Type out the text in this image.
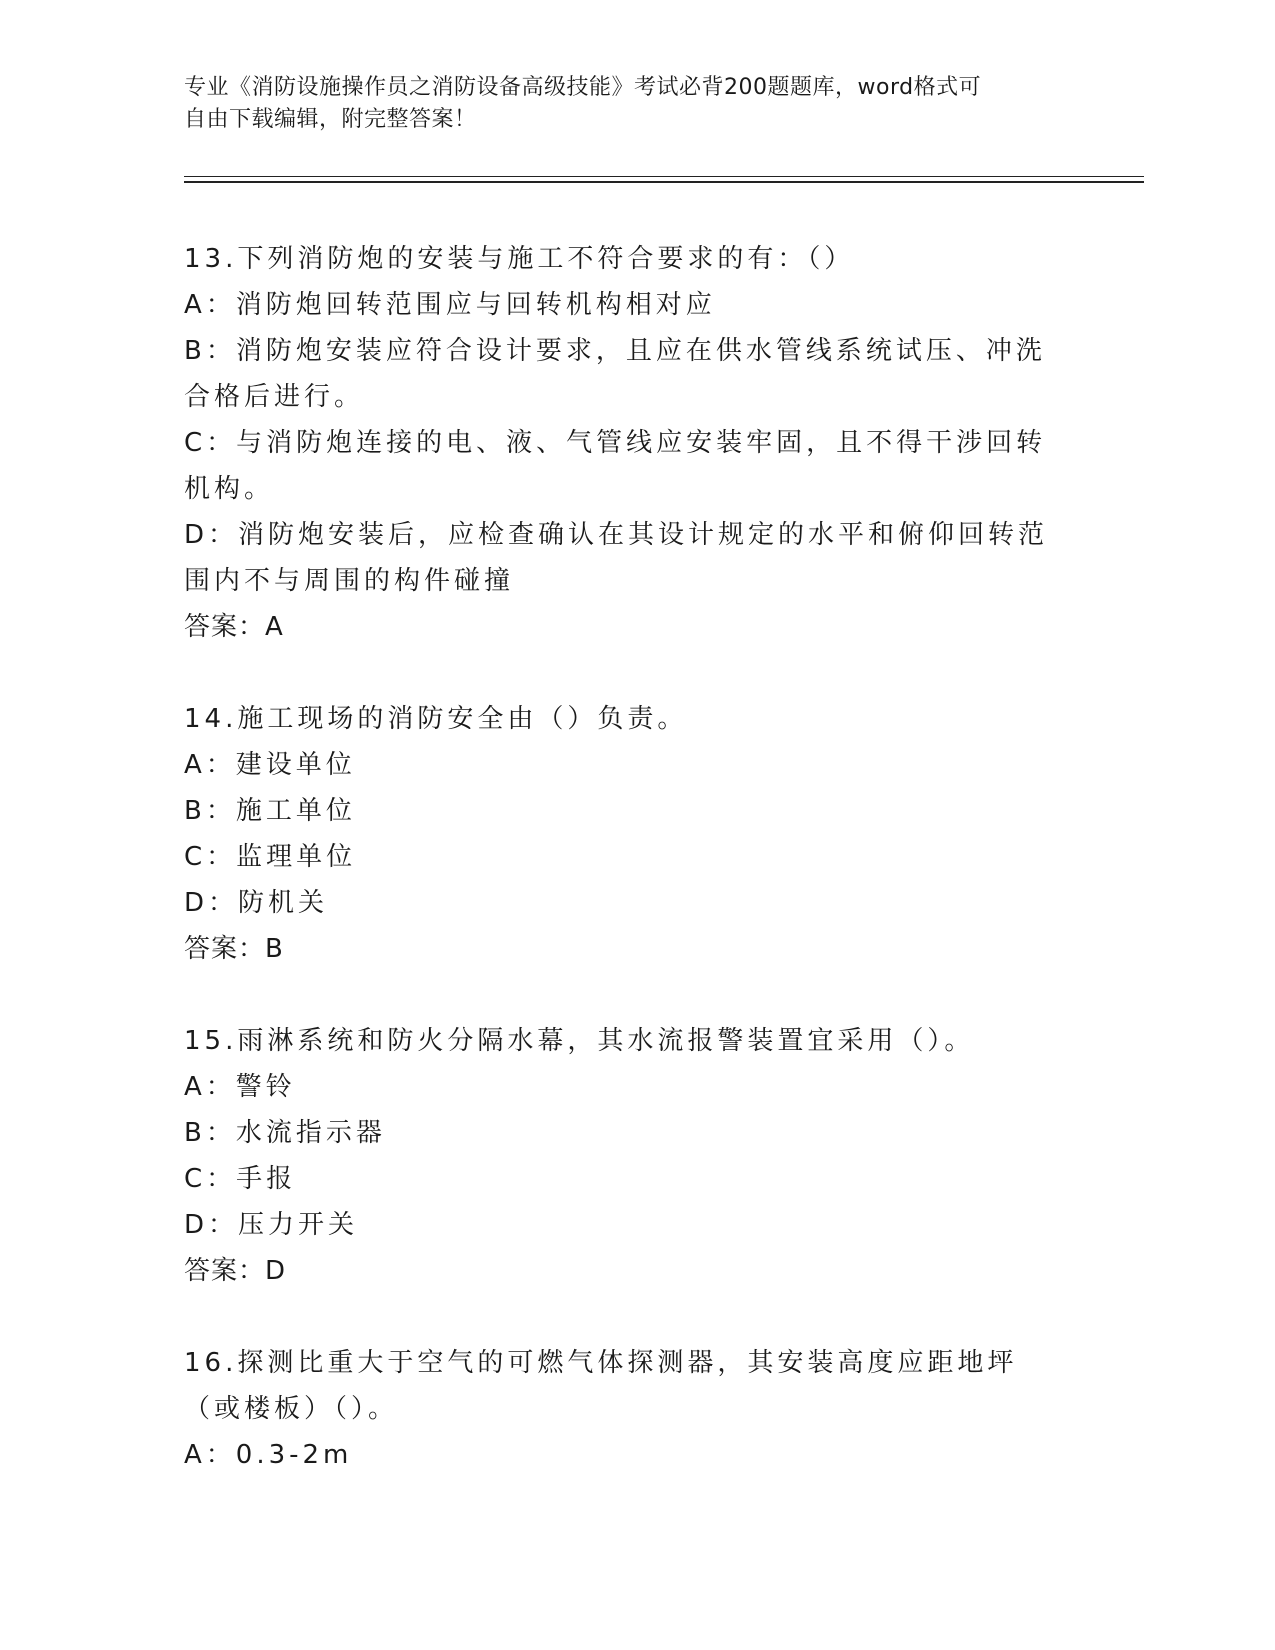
专业《消防设施操作员之消防设备高级技能》考试必背200题题库，word格式可
自由下载编辑，附完整答案！

13.下列消防炮的安装与施工不符合要求的有：（）

A：消防炮回转范围应与回转机构相对应

B：消防炮安装应符合设计要求，且应在供水管线系统试压、冲洗合格后进行。

C：与消防炮连接的电、液、气管线应安装牢固，且不得干涉回转机构。

D：消防炮安装后，应检查确认在其设计规定的水平和俯仰回转范围内不与周围的构件碰撞

答案：A

14.施工现场的消防安全由（）负责。

A：建设单位

B：施工单位

C：监理单位

D：防机关

答案：B

15.雨淋系统和防火分隔水幕，其水流报警装置宜采用（）。

A：警铃

B：水流指示器

C：手报

D：压力开关

答案：D

16.探测比重大于空气的可燃气体探测器，其安装高度应距地坪（或楼板）（）。

A：0.3-2m
